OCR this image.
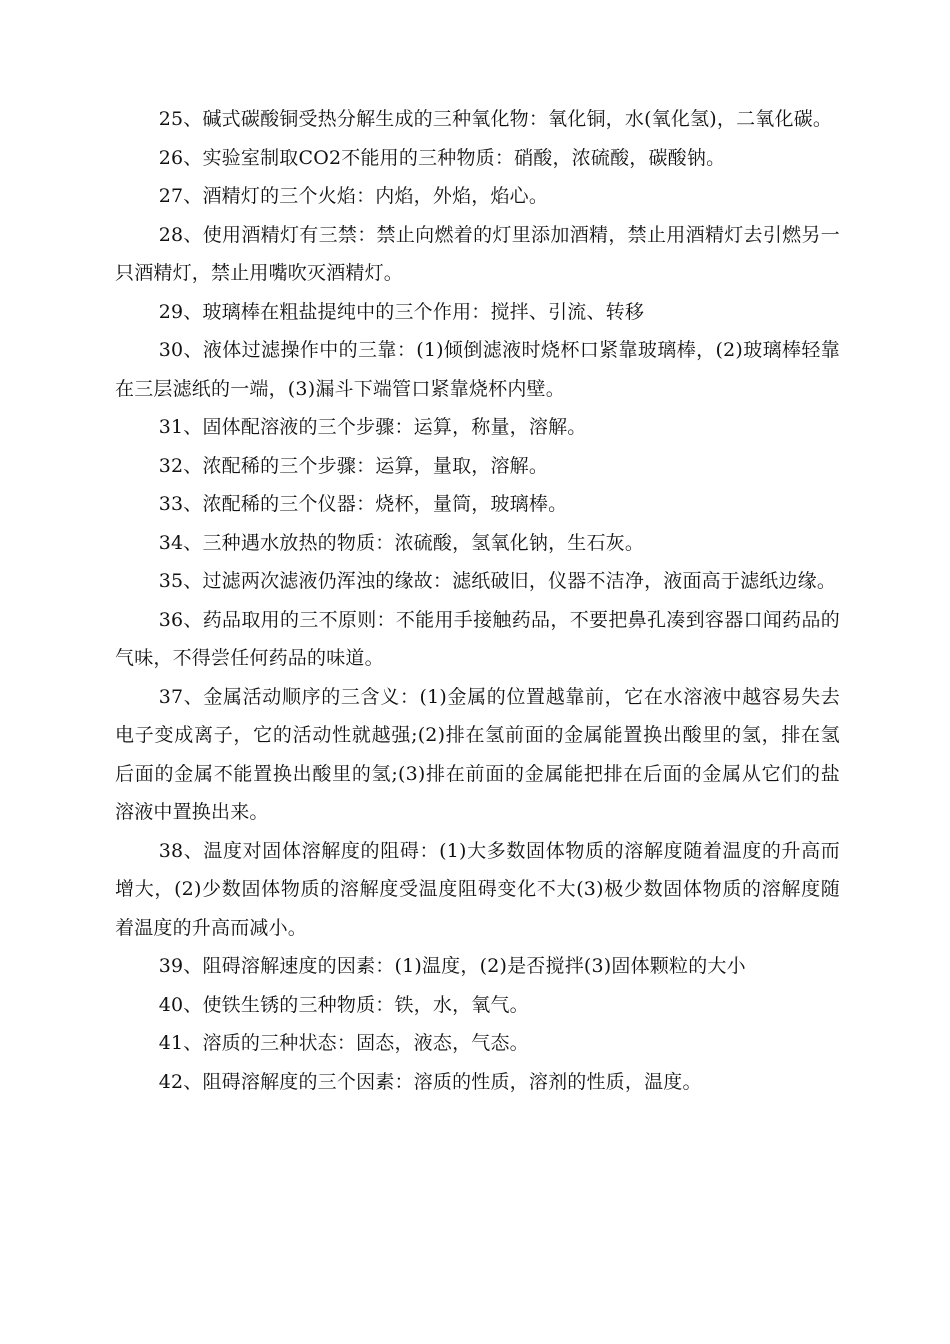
25、碱式碳酸铜受热分解生成的三种氧化物：氧化铜，水(氧化氢)，二氧化碳。

26、实验室制取CO2不能用的三种物质：硝酸，浓硫酸，碳酸钠。

27、酒精灯的三个火焰：内焰，外焰，焰心。

28、使用酒精灯有三禁：禁止向燃着的灯里添加酒精，禁止用酒精灯去引燃另一只酒精灯，禁止用嘴吹灭酒精灯。

29、玻璃棒在粗盐提纯中的三个作用：搅拌、引流、转移

30、液体过滤操作中的三靠：(1)倾倒滤液时烧杯口紧靠玻璃棒，(2)玻璃棒轻靠在三层滤纸的一端，(3)漏斗下端管口紧靠烧杯内壁。

31、固体配溶液的三个步骤：运算，称量，溶解。

32、浓配稀的三个步骤：运算，量取，溶解。

33、浓配稀的三个仪器：烧杯，量筒，玻璃棒。

34、三种遇水放热的物质：浓硫酸，氢氧化钠，生石灰。

35、过滤两次滤液仍浑浊的缘故：滤纸破旧，仪器不洁净，液面高于滤纸边缘。

36、药品取用的三不原则：不能用手接触药品，不要把鼻孔凑到容器口闻药品的气味，不得尝任何药品的味道。

37、金属活动顺序的三含义：(1)金属的位置越靠前，它在水溶液中越容易失去电子变成离子，它的活动性就越强;(2)排在氢前面的金属能置换出酸里的氢，排在氢后面的金属不能置换出酸里的氢;(3)排在前面的金属能把排在后面的金属从它们的盐溶液中置换出来。

38、温度对固体溶解度的阻碍：(1)大多数固体物质的溶解度随着温度的升高而增大，(2)少数固体物质的溶解度受温度阻碍变化不大(3)极少数固体物质的溶解度随着温度的升高而减小。

39、阻碍溶解速度的因素：(1)温度，(2)是否搅拌(3)固体颗粒的大小

40、使铁生锈的三种物质：铁，水，氧气。

41、溶质的三种状态：固态，液态，气态。

42、阻碍溶解度的三个因素：溶质的性质，溶剂的性质，温度。
